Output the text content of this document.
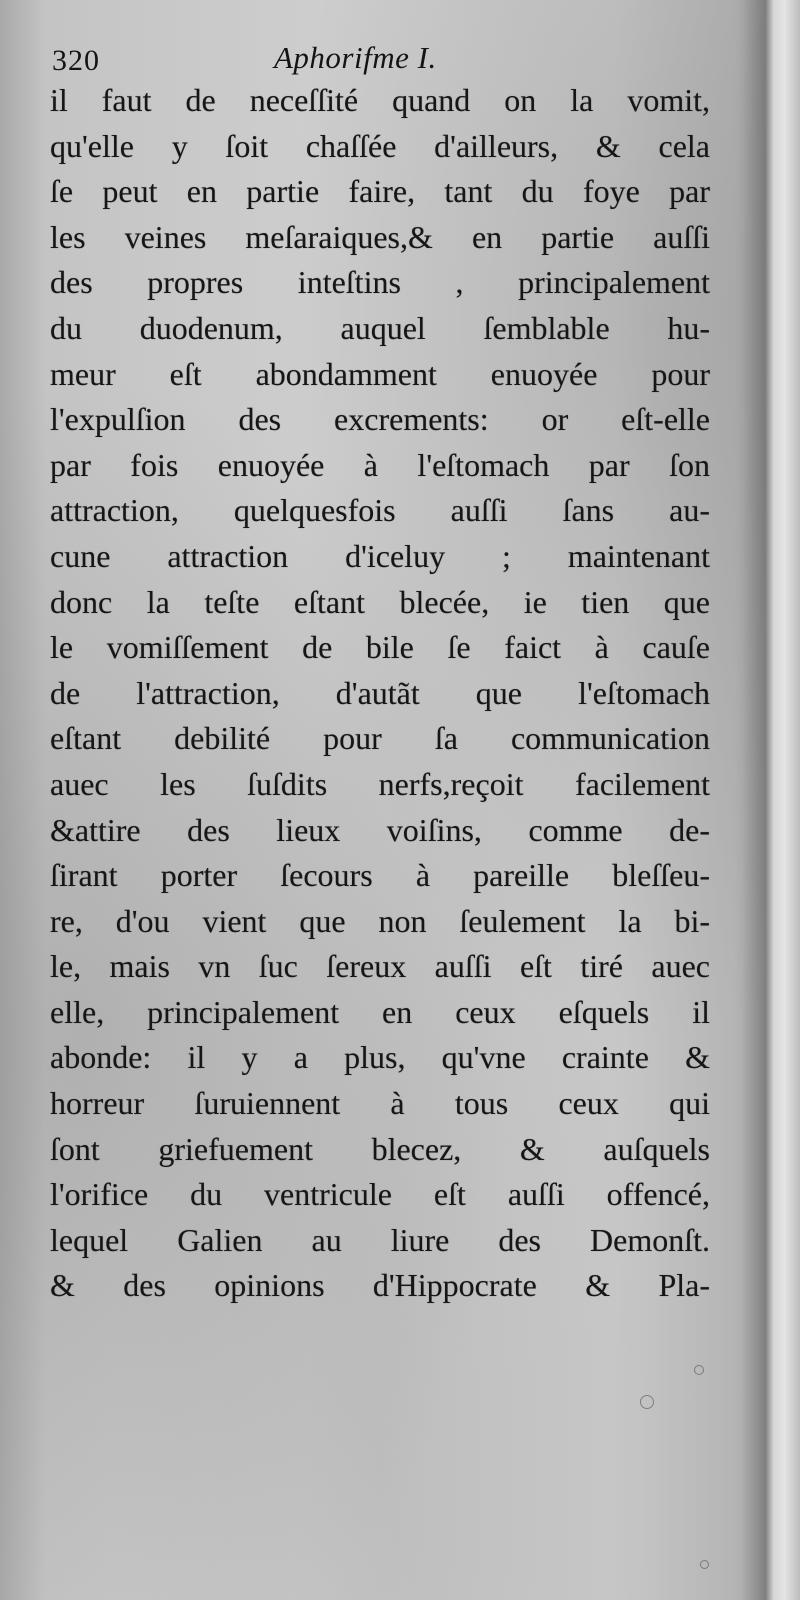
320	Aphorifme I.
il faut de neceſſité quand on la vomit,
qu'elle y ſoit chaſſée d'ailleurs, & cela
ſe peut en partie faire, tant du foye par
les veines meſaraiques,& en partie auſſi
des propres inteſtins , principalement
du duodenum, auquel ſemblable hu-
meur eſt abondamment enuoyée pour
l'expulſion des excrements: or eſt-elle
par fois enuoyée à l'eſtomach par ſon
attraction, quelquesfois auſſi ſans au-
cune attraction d'iceluy ; maintenant
donc la teſte eſtant blecée, ie tien que
le vomiſſement de bile ſe faict à cauſe
de l'attraction, d'autãt que l'eſtomach
eſtant debilité pour ſa communication
auec les ſuſdits nerfs,reçoit facilement
&attire des lieux voiſins, comme de-
ſirant porter ſecours à pareille bleſſeu-
re, d'ou vient que non ſeulement la bi-
le, mais vn ſuc ſereux auſſi eſt tiré auec
elle, principalement en ceux eſquels il
abonde: il y a plus, qu'vne crainte &
horreur ſuruiennent à tous ceux qui
ſont griefuement blecez, & auſquels
l'orifice du ventricule eſt auſſi offencé,
lequel Galien au liure des Demonſt.
& des opinions d'Hippocrate & Pla-
